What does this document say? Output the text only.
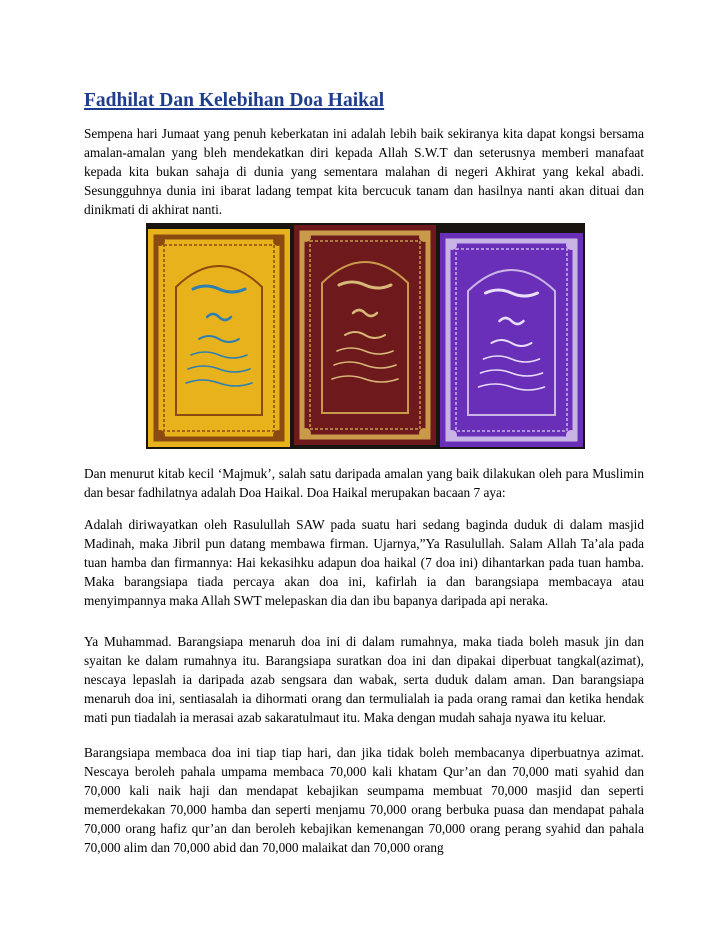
Fadhilat Dan Kelebihan Doa Haikal

Sempena hari Jumaat yang penuh keberkatan ini adalah lebih baik sekiranya kita dapat kongsi bersama amalan-amalan yang bleh mendekatkan diri kepada Allah S.W.T dan seterusnya memberi manafaat kepada kita bukan sahaja di dunia yang sementara malahan di negeri Akhirat yang kekal abadi. Sesungguhnya dunia ini ibarat ladang tempat kita bercucuk tanam dan hasilnya nanti akan dituai dan dinikmati di akhirat nanti.

Dan menurut kitab kecil ‘Majmuk’, salah satu daripada amalan yang baik dilakukan oleh para Muslimin dan besar fadhilatnya adalah Doa Haikal. Doa Haikal merupakan bacaan 7 aya:

Adalah diriwayatkan oleh Rasulullah SAW pada suatu hari sedang baginda duduk di dalam masjid Madinah, maka Jibril pun datang membawa firman. Ujarnya,”Ya Rasulullah. Salam Allah Ta’ala pada tuan hamba dan firmannya: Hai kekasihku adapun doa haikal (7 doa ini) dihantarkan pada tuan hamba. Maka barangsiapa tiada percaya akan doa ini, kafirlah ia dan barangsiapa membacaya atau menyimpannya maka Allah SWT melepaskan dia dan ibu bapanya daripada api neraka.

Ya Muhammad. Barangsiapa menaruh doa ini di dalam rumahnya, maka tiada boleh masuk jin dan syaitan ke dalam rumahnya itu. Barangsiapa suratkan doa ini dan dipakai diperbuat tangkal(azimat), nescaya lepaslah ia daripada azab sengsara dan wabak, serta duduk dalam aman. Dan barangsiapa menaruh doa ini, sentiasalah ia dihormati orang dan termulialah ia pada orang ramai dan ketika hendak mati pun tiadalah ia merasai azab sakaratulmaut itu. Maka dengan mudah sahaja nyawa itu keluar.

Barangsiapa membaca doa ini tiap tiap hari, dan jika tidak boleh membacanya diperbuatnya azimat. Nescaya beroleh pahala umpama membaca 70,000 kali khatam Qur’an dan 70,000 mati syahid dan 70,000 kali naik haji dan mendapat kebajikan seumpama membuat 70,000 masjid dan seperti memerdekakan 70,000 hamba dan seperti menjamu 70,000 orang berbuka puasa dan mendapat pahala 70,000 orang hafiz qur’an dan beroleh kebajikan kemenangan 70,000 orang perang syahid dan pahala 70,000 alim dan 70,000 abid dan 70,000 malaikat dan 70,000 orang
